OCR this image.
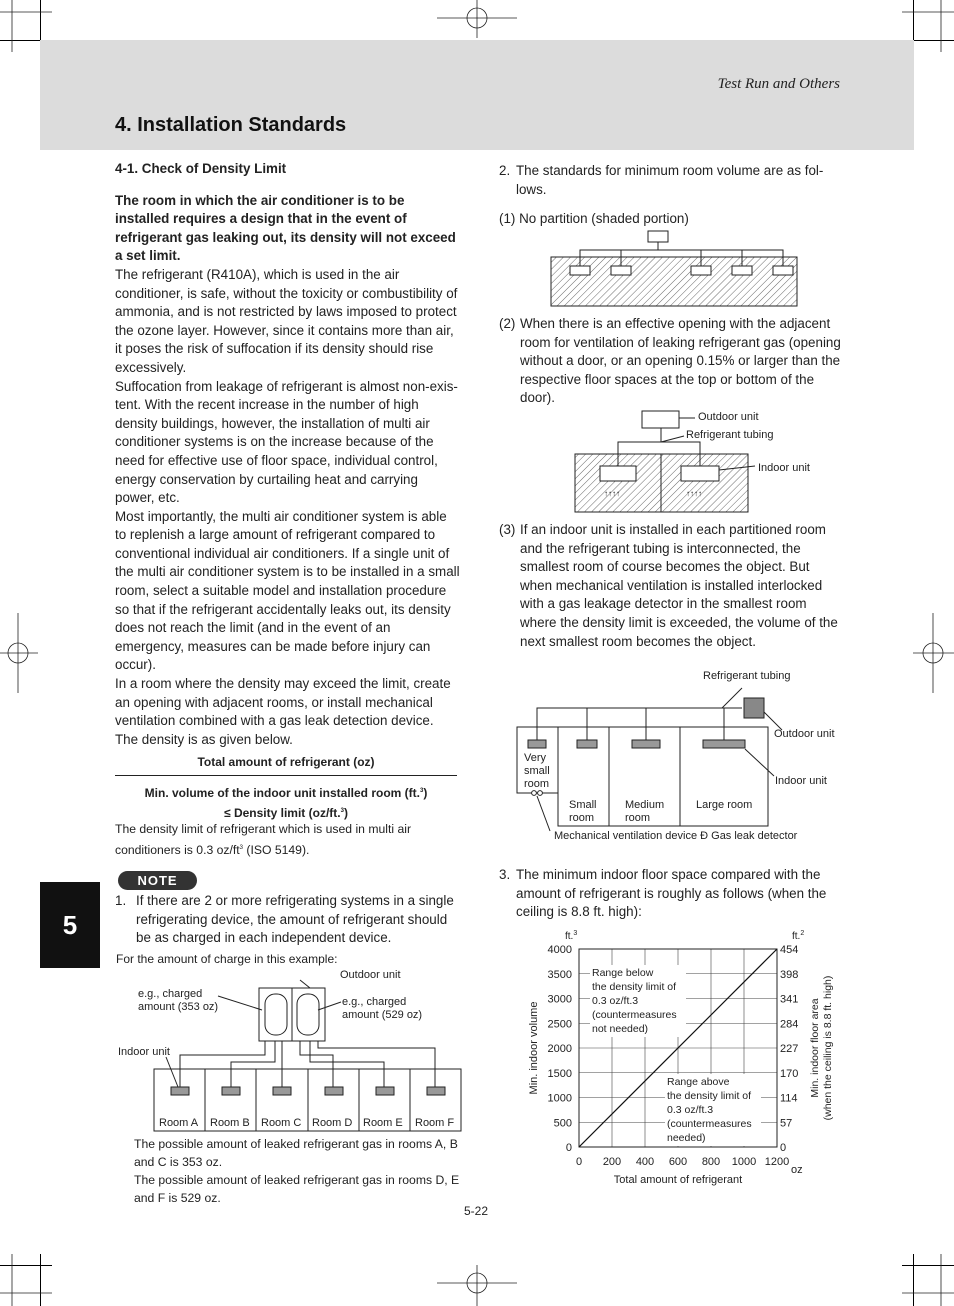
Test Run and Others
4. Installation Standards
5
4-1. Check of Density Limit

The room in which the air conditioner is to be installed requires a design that in the event of refrigerant gas leaking out, its density will not exceed a set limit.

The refrigerant (R410A), which is used in the air conditioner, is safe, without the toxicity or combustibility of ammonia, and is not restricted by laws imposed to protect the ozone layer. However, since it contains more than air, it poses the risk of suffocation if its density should rise excessively.

Suffocation from leakage of refrigerant is almost non-exis-tent. With the recent increase in the number of high density buildings, however, the installation of multi air conditioner systems is on the increase because of the need for effective use of floor space, individual control, energy conservation by curtailing heat and carrying power, etc.

Most importantly, the multi air conditioner system is able to replenish a large amount of refrigerant compared to conventional individual air conditioners. If a single unit of the multi air conditioner system is to be installed in a small room, select a suitable model and installation procedure so that if the refrigerant accidentally leaks out, its density does not reach the limit (and in the event of an emergency, measures can be made before injury can occur).

In a room where the density may exceed the limit, create an opening with adjacent rooms, or install mechanical ventilation combined with a gas leak detection device.

The density is as given below.

Total amount of refrigerant (oz)
Min. volume of the indoor unit installed room (ft.$^3$)
≤ Density limit (oz/ft.$^3$)
The density limit of refrigerant which is used in multi air conditioners is 0.3 $oz/ft^3$ (ISO 5149).
NOTE
1. If there are 2 or more refrigerating systems in a single refrigerating device, the amount of refrigerant should be as charged in each independent device.
For the amount of charge in this example:
Outdoor unit
e.g., charged
amount (353 oz)	e.g., charged
amount (529 oz)
Indoor unit
Room A Room B Room C Room D Room E Room F

The possible amount of leaked refrigerant gas in rooms A, B and C is 353 oz.

The possible amount of leaked refrigerant gas in rooms D, E and F is 529 oz.

5-22
2. The standards for minimum room volume are as fol-lows.
(1) No partition (shaded portion)
(2) When there is an effective opening with the adjacent room for ventilation of leaking refrigerant gas (opening without a door, or an opening 0.15% or larger than the respective floor spaces at the top or bottom of the door).
↑↑↑↑	↑↑↑↑
Outdoor unit
Refrigerant tubing
Indoor unit
(3) If an indoor unit is installed in each partitioned room and the refrigerant tubing is interconnected, the smallest room of course becomes the object. But when mechanical ventilation is installed interlocked with a gas leakage detector in the smallest room where the density limit is exceeded, the volume of the next smallest room becomes the object.
Refrigerant tubing
Outdoor unit
Indoor unit
Very
small
room
Small
room
Medium
room
Large room
Mechanical ventilation device Ð Gas leak detector
3. The minimum indoor floor space compared with the amount of refrigerant is roughly as follows (when the ceiling is 8.8 ft. high):
0
500
1000
1500
2000
2500
3000
3500
4000
0
57
114
170
227
284
341
398
454
0 200 400 600 800 1000 1200
ft.$^3$	ft.$^2$
oz
Total amount of refrigerant
Min. indoor volume	Min. indoor floor area (when the ceiling is 8.8 ft. high)
Range below
the density limit of
0.3 oz/ft.3
(countermeasures
not needed)
Range above
the density limit of
0.3 oz/ft.3
(countermeasures
needed)
